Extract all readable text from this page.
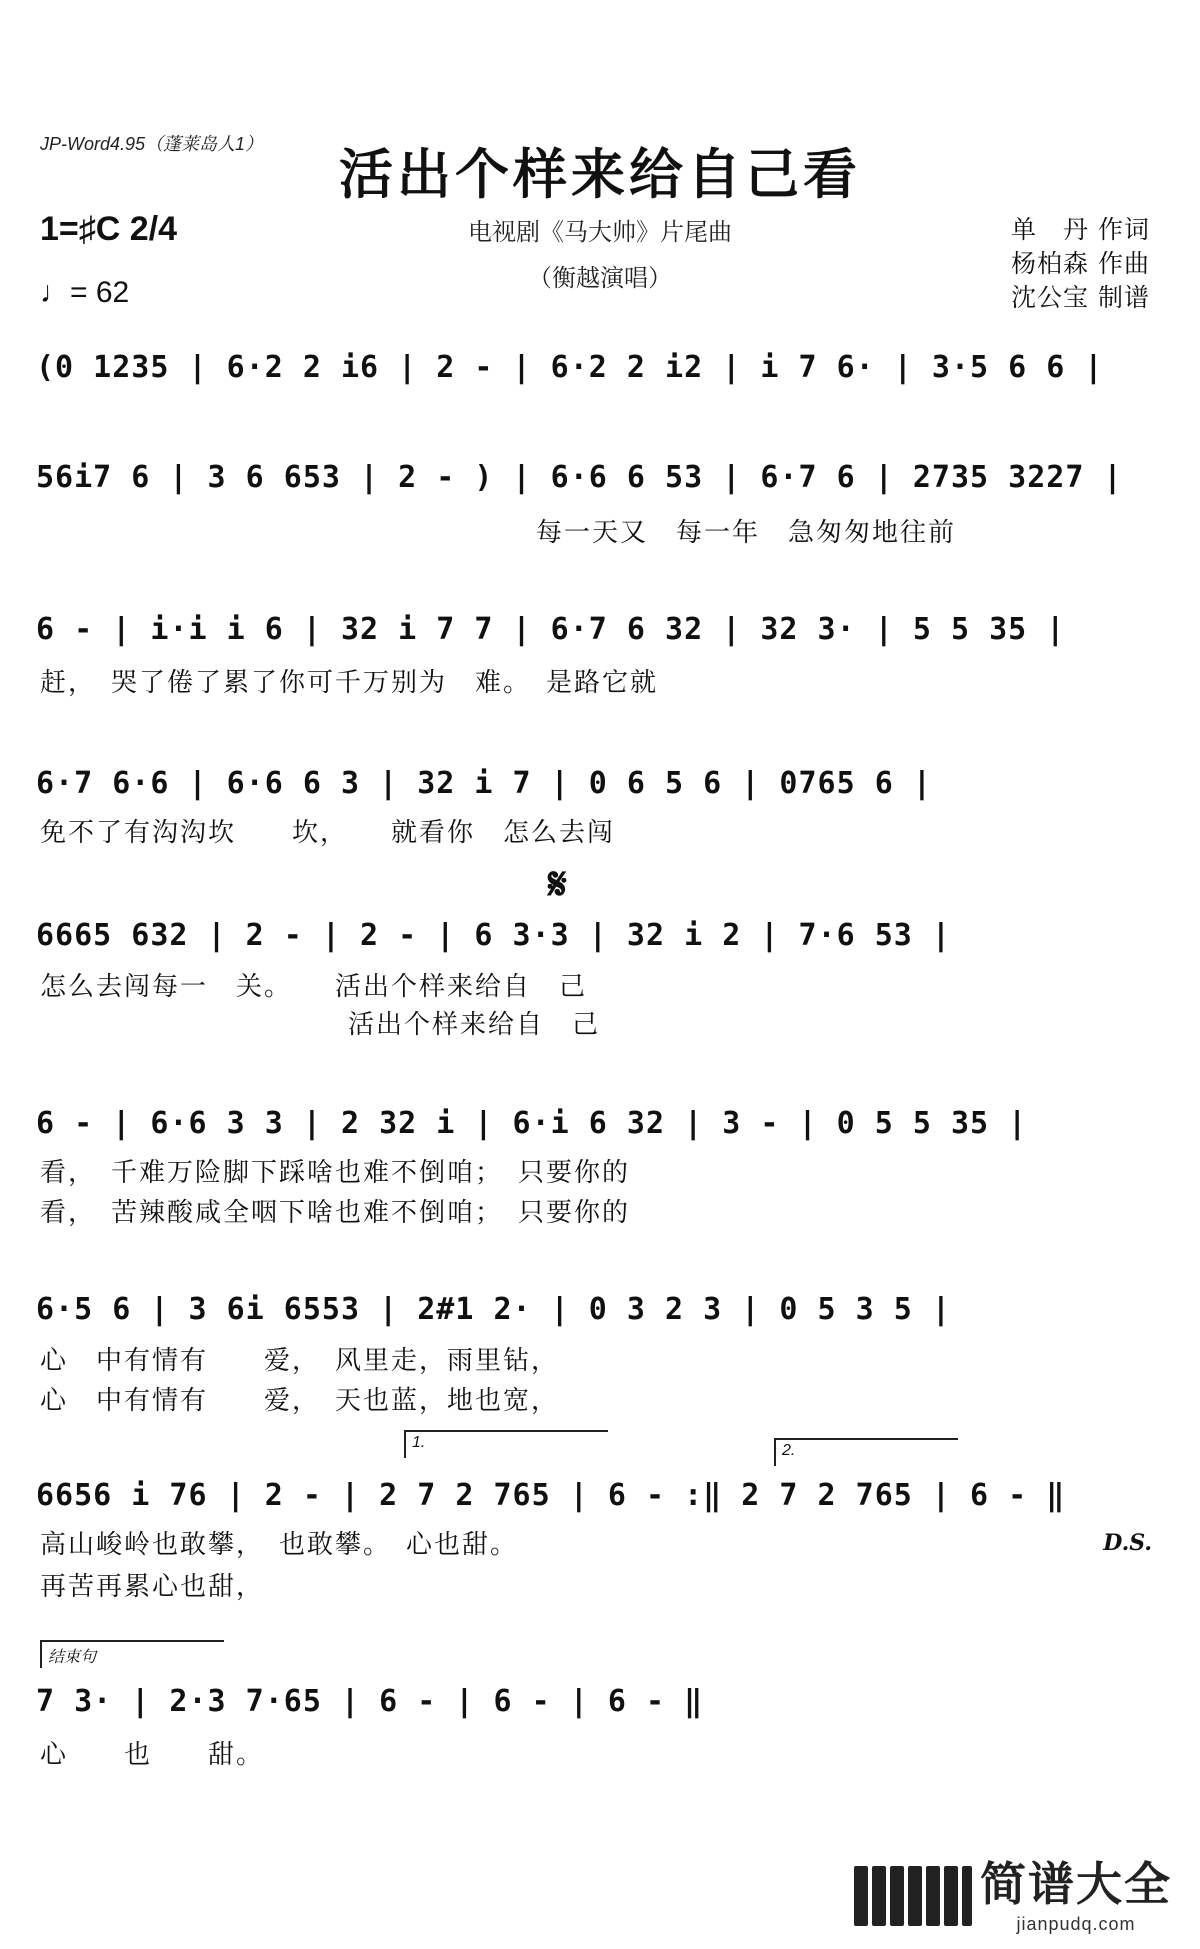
JP-Word4.95（蓬莱岛人1）	活出个样来给自己看
电视剧《马大帅》片尾曲
（衡越演唱）
1=♯C 2/4
♩= 62
单　丹 作词
杨柏森 作曲
沈公宝 制谱
(0 1235 | 6·2 2 i6 | 2 - | 6·2 2 i2 | i 7 6· | 3·5 6 6 |
56i7 6 | 3 6 653 | 2 - ) | 6·6 6 53 | 6·7 6 | 2735 3227 |
每一天又　每一年　急匆匆地往前
6 - | i·i i 6 | 32 i 7 7 | 6·7 6 32 | 32 3· | 5 5 35 |
赶，　哭了倦了累了你可千万别为　难。　是路它就
6·7 6·6 | 6·6 6 3 | 32 i 7 | 0 6 5 6 | 0765 6 |
免不了有沟沟坎　　坎，　　就看你　怎么去闯
𝄋
6665 632 | 2 - | 2 - | 6 3·3 | 32 i 2 | 7·6 53 |
怎么去闯每一　关。　　活出个样来给自　己
　　　　　　　　　　　活出个样来给自　己
6 - | 6·6 3 3 | 2 32 i | 6·i 6 32 | 3 - | 0 5 5 35 |
看，　千难万险脚下踩啥也难不倒咱；　只要你的
看，　苦辣酸咸全咽下啥也难不倒咱；　只要你的
6·5 6 | 3 6i 6553 | 2#1 2· | 0 3 2 3 | 0 5 3 5 |
心　中有情有　　爱，　风里走，雨里钻，
心　中有情有　　爱，　天也蓝，地也宽，
1.	2.
6656 i 76 | 2 - | 2 7 2 765 | 6 - :‖ 2 7 2 765 | 6 - ‖
高山峻岭也敢攀，　也敢攀。　心也甜。	D.S.
再苦再累心也甜，
结束句
7 3· | 2·3 7·65 | 6 - | 6 - | 6 - ‖
心　　也　　甜。
简谱大全
jianpudq.com
